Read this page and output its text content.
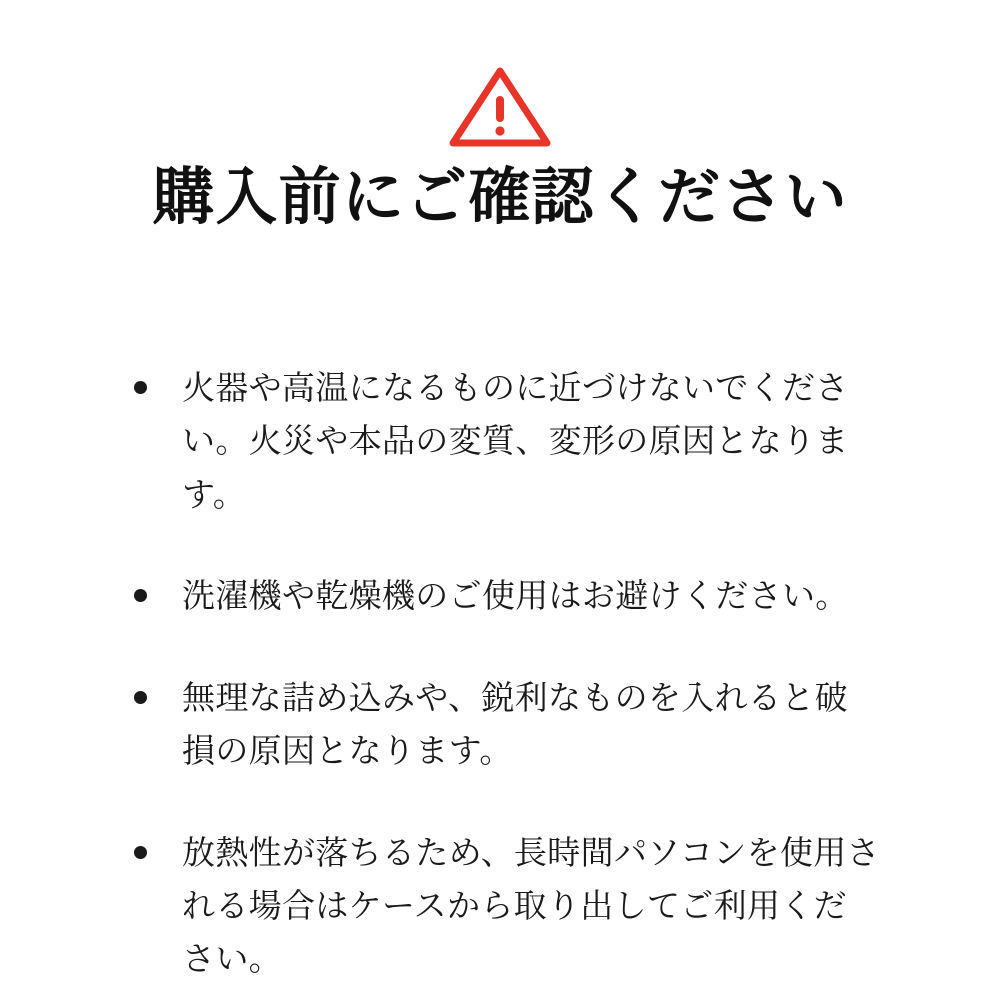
購入前にご確認ください
火器や高温になるものに近づけないでください。火災や本品の変質、変形の原因となります。
洗濯機や乾燥機のご使用はお避けください。
無理な詰め込みや、鋭利なものを入れると破損の原因となります。
放熱性が落ちるため、長時間パソコンを使用される場合はケースから取り出してご利用ください。
